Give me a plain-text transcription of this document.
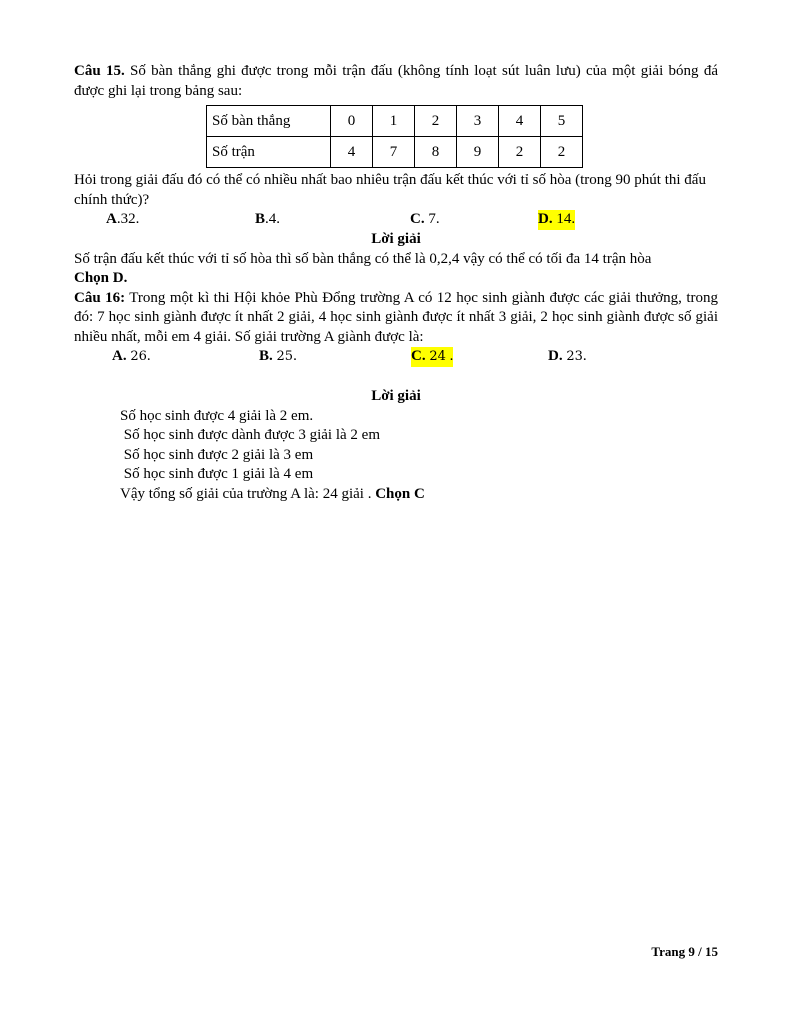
Câu 15. Số bàn thắng ghi được trong mỗi trận đấu (không tính loạt sút luân lưu) của một giải bóng đá được ghi lại trong bảng sau:

Số bàn thắng	0	1	2	3	4	5
Số trận	4	7	8	9	2	2

Hỏi trong giải đấu đó có thể có nhiều nhất bao nhiêu trận đấu kết thúc với tỉ số hòa (trong 90 phút thi đấu chính thức)?

A.32.	B.4.	C. 7.	D. 14.

Lời giải

Số trận đấu kết thúc với tỉ số hòa thì số bàn thắng có thể là 0,2,4 vậy có thể có tối đa 14 trận hòa

Chọn D.

Câu 16: Trong một kì thi Hội khỏe Phù Đổng trường A có 12 học sinh giành được các giải thưởng, trong đó: 7 học sinh giành được ít nhất 2 giải, 4 học sinh giành được ít nhất 3 giải, 2 học sinh giành được số giải nhiều nhất, mỗi em 4 giải. Số giải trường A giành được là:

A. 26.	B. 25.	C. 24 .	D. 23.

Lời giải

Số học sinh được 4 giải là 2 em.

Số học sinh được dành được 3 giải là 2 em

Số học sinh được 2 giải là 3 em

Số học sinh được 1 giải là 4 em

Vậy tổng số giải của trường A là: 24 giải . Chọn C

Trang 9 / 15
